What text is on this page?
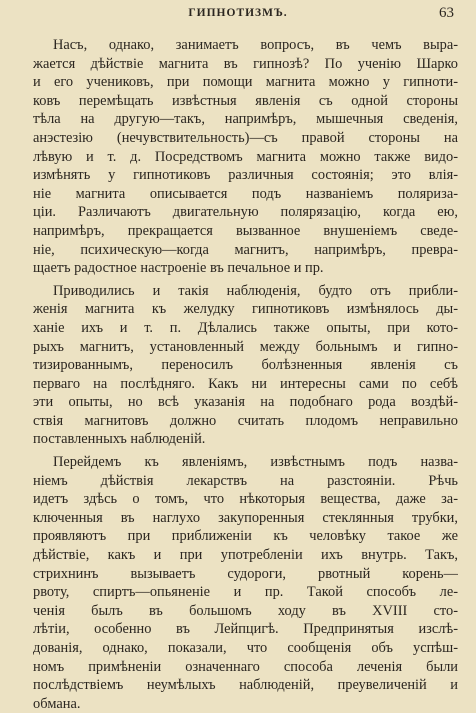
ГИПНОТИЗМЪ.	63
Насъ, однако, занимаетъ вопросъ, въ чемъ выра-
жается дѣйствіе магнита въ гипнозѣ? По ученію Шарко
и его учениковъ, при помощи магнита можно у гипноти-
ковъ перемѣщать извѣстныя явленія съ одной стороны
тѣла на другую—такъ, напримѣръ, мышечныя сведенія,
анэстезію (нечувствительность)—съ правой стороны на
лѣвую и т. д. Посредствомъ магнита можно также видо-
измѣнять у гипнотиковъ различныя состоянія; это влія-
ніе магнита описывается подъ названіемъ поляриза-
ціи. Различаютъ двигательную полярязацію, когда ею,
напримѣръ, прекращается вызванное внушеніемъ сведе-
ніе, психическую—когда магнитъ, напримѣръ, превра-
щаетъ радостное настроеніе въ печальное и пр.
Приводились и такія наблюденія, будто отъ прибли-
женія магнита къ желудку гипнотиковъ измѣнялось ды-
ханіе ихъ и т. п. Дѣлались также опыты, при кото-
рыхъ магнитъ, установленный между больнымъ и гипно-
тизированнымъ, переносилъ болѣзненныя явленія съ
перваго на послѣдняго. Какъ ни интересны сами по себѣ
эти опыты, но всѣ указанія на подобнаго рода воздѣй-
ствія магнитовъ должно считать плодомъ неправильно
поставленныхъ наблюденій.
Перейдемъ къ явленіямъ, извѣстнымъ подъ назва-
ніемъ дѣйствія лекарствъ на разстояніи. Рѣчь
идетъ здѣсь о томъ, что нѣкоторыя вещества, даже за-
ключенныя въ наглухо закупоренныя стеклянныя трубки,
проявляютъ при приближеніи къ человѣку такое же
дѣйствіе, какъ и при употребленіи ихъ внутрь. Такъ,
стрихнинъ вызываетъ судороги, рвотный корень—
рвоту, спиртъ—опьяненіе и пр. Такой способъ ле-
ченія былъ въ большомъ ходу въ XVIII сто-
лѣтіи, особенно въ Лейпцигѣ. Предпринятыя изслѣ-
дованія, однако, показали, что сообщенія объ успѣш-
номъ примѣненіи означеннаго способа леченія были
послѣдствіемъ неумѣлыхъ наблюденій, преувеличеній и
обмана.
